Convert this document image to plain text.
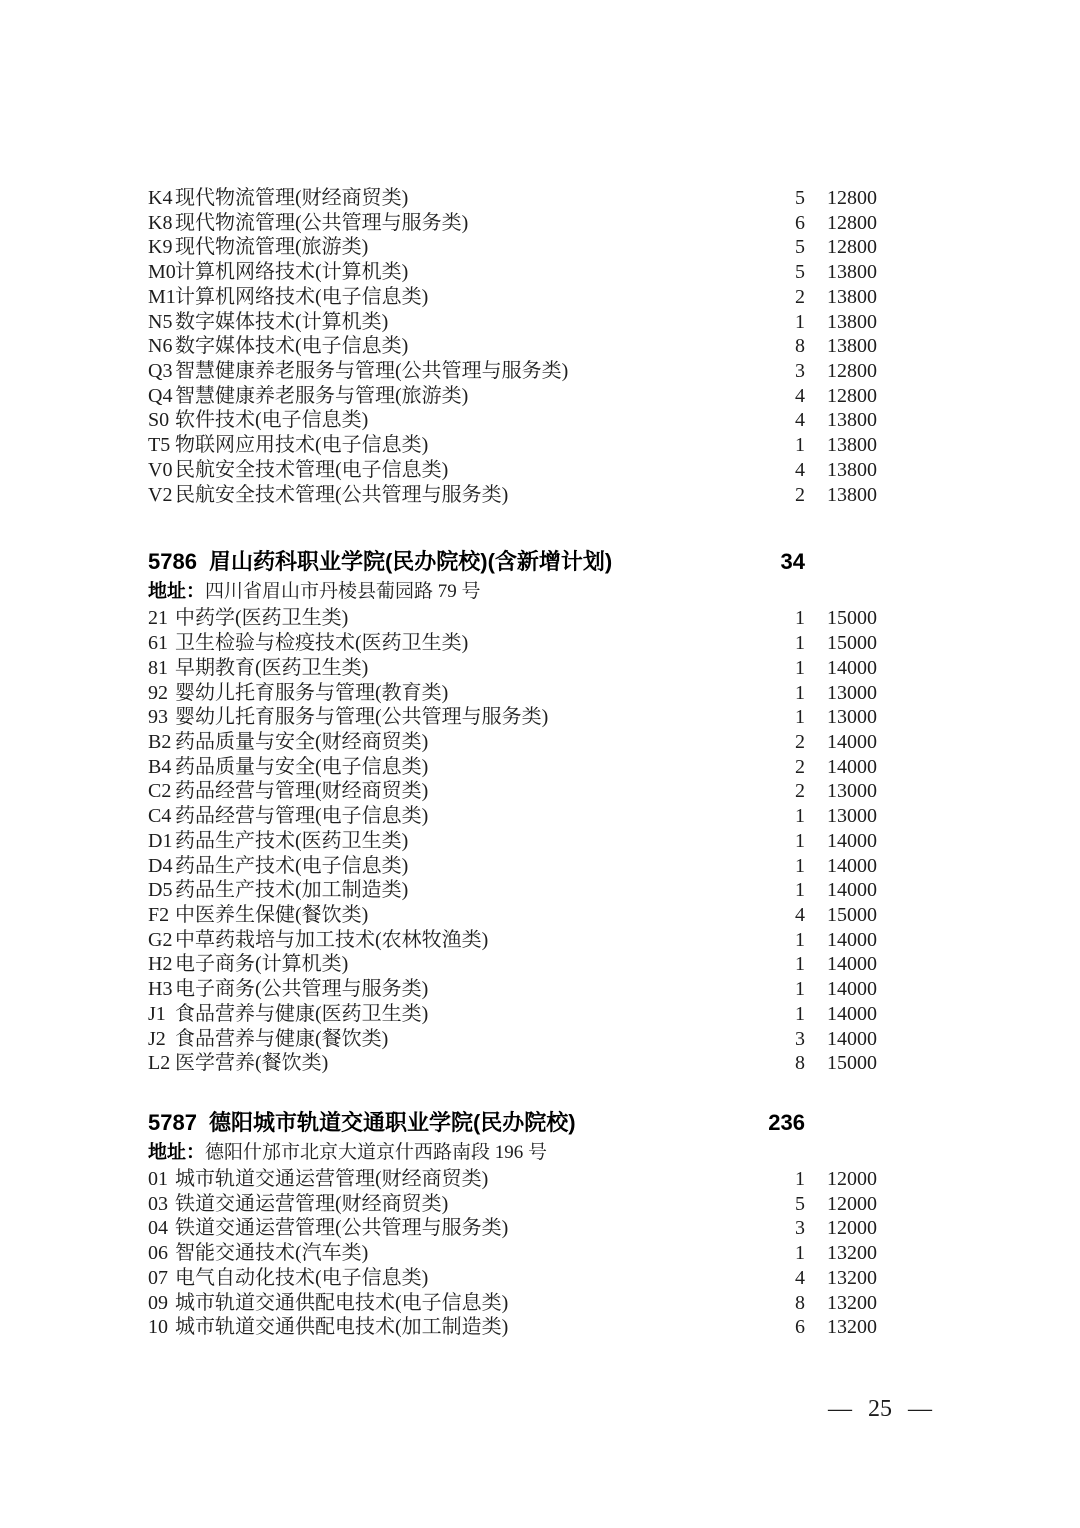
K4 现代物流管理(财经商贸类)	5	12800
K8 现代物流管理(公共管理与服务类)	6	12800
K9 现代物流管理(旅游类)	5	12800
M0 计算机网络技术(计算机类)	5	13800
M1 计算机网络技术(电子信息类)	2	13800
N5 数字媒体技术(计算机类)	1	13800
N6 数字媒体技术(电子信息类)	8	13800
Q3 智慧健康养老服务与管理(公共管理与服务类)	3	12800
Q4 智慧健康养老服务与管理(旅游类)	4	12800
S0 软件技术(电子信息类)	4	13800
T5 物联网应用技术(电子信息类)	1	13800
V0 民航安全技术管理(电子信息类)	4	13800
V2 民航安全技术管理(公共管理与服务类)	2	13800
5786 眉山药科职业学院(民办院校)(含新增计划)	34
地址：四川省眉山市丹棱县葡园路 79 号
21 中药学(医药卫生类)	1	15000
61 卫生检验与检疫技术(医药卫生类)	1	15000
81 早期教育(医药卫生类)	1	14000
92 婴幼儿托育服务与管理(教育类)	1	13000
93 婴幼儿托育服务与管理(公共管理与服务类)	1	13000
B2 药品质量与安全(财经商贸类)	2	14000
B4 药品质量与安全(电子信息类)	2	14000
C2 药品经营与管理(财经商贸类)	2	13000
C4 药品经营与管理(电子信息类)	1	13000
D1 药品生产技术(医药卫生类)	1	14000
D4 药品生产技术(电子信息类)	1	14000
D5 药品生产技术(加工制造类)	1	14000
F2 中医养生保健(餐饮类)	4	15000
G2 中草药栽培与加工技术(农林牧渔类)	1	14000
H2 电子商务(计算机类)	1	14000
H3 电子商务(公共管理与服务类)	1	14000
J1 食品营养与健康(医药卫生类)	1	14000
J2 食品营养与健康(餐饮类)	3	14000
L2 医学营养(餐饮类)	8	15000
5787 德阳城市轨道交通职业学院(民办院校)	236
地址：德阳什邡市北京大道京什西路南段 196 号
01 城市轨道交通运营管理(财经商贸类)	1	12000
03 铁道交通运营管理(财经商贸类)	5	12000
04 铁道交通运营管理(公共管理与服务类)	3	12000
06 智能交通技术(汽车类)	1	13200
07 电气自动化技术(电子信息类)	4	13200
09 城市轨道交通供配电技术(电子信息类)	8	13200
10 城市轨道交通供配电技术(加工制造类)	6	13200
— 25 —
